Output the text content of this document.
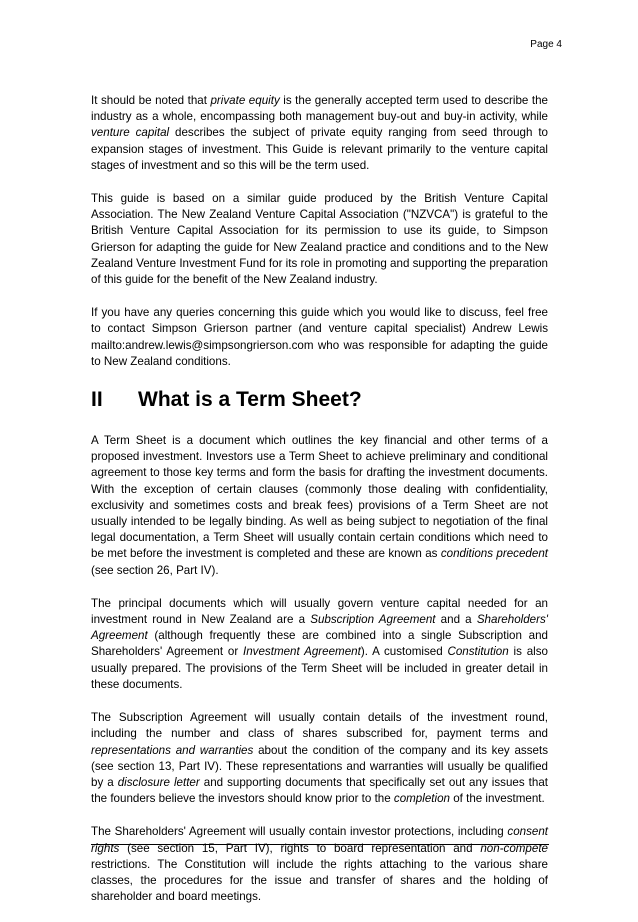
Page 4

It should be noted that private equity is the generally accepted term used to describe the industry as a whole, encompassing both management buy-out and buy-in activity, while venture capital describes the subject of private equity ranging from seed through to expansion stages of investment. This Guide is relevant primarily to the venture capital stages of investment and so this will be the term used.

This guide is based on a similar guide produced by the British Venture Capital Association. The New Zealand Venture Capital Association ("NZVCA") is grateful to the British Venture Capital Association for its permission to use its guide, to Simpson Grierson for adapting the guide for New Zealand practice and conditions and to the New Zealand Venture Investment Fund for its role in promoting and supporting the preparation of this guide for the benefit of the New Zealand industry.

If you have any queries concerning this guide which you would like to discuss, feel free to contact Simpson Grierson partner (and venture capital specialist) Andrew Lewis mailto:andrew.lewis@simpsongrierson.com who was responsible for adapting the guide to New Zealand conditions.

II	What is a Term Sheet?

A Term Sheet is a document which outlines the key financial and other terms of a proposed investment. Investors use a Term Sheet to achieve preliminary and conditional agreement to those key terms and form the basis for drafting the investment documents. With the exception of certain clauses (commonly those dealing with confidentiality, exclusivity and sometimes costs and break fees) provisions of a Term Sheet are not usually intended to be legally binding. As well as being subject to negotiation of the final legal documentation, a Term Sheet will usually contain certain conditions which need to be met before the investment is completed and these are known as conditions precedent (see section 26, Part IV).

The principal documents which will usually govern venture capital needed for an investment round in New Zealand are a Subscription Agreement and a Shareholders' Agreement (although frequently these are combined into a single Subscription and Shareholders' Agreement or Investment Agreement). A customised Constitution is also usually prepared. The provisions of the Term Sheet will be included in greater detail in these documents.

The Subscription Agreement will usually contain details of the investment round, including the number and class of shares subscribed for, payment terms and representations and warranties about the condition of the company and its key assets (see section 13, Part IV). These representations and warranties will usually be qualified by a disclosure letter and supporting documents that specifically set out any issues that the founders believe the investors should know prior to the completion of the investment.

The Shareholders' Agreement will usually contain investor protections, including consent rights (see section 15, Part IV), rights to board representation and non-compete restrictions. The Constitution will include the rights attaching to the various share classes, the procedures for the issue and transfer of shares and the holding of shareholder and board meetings.
